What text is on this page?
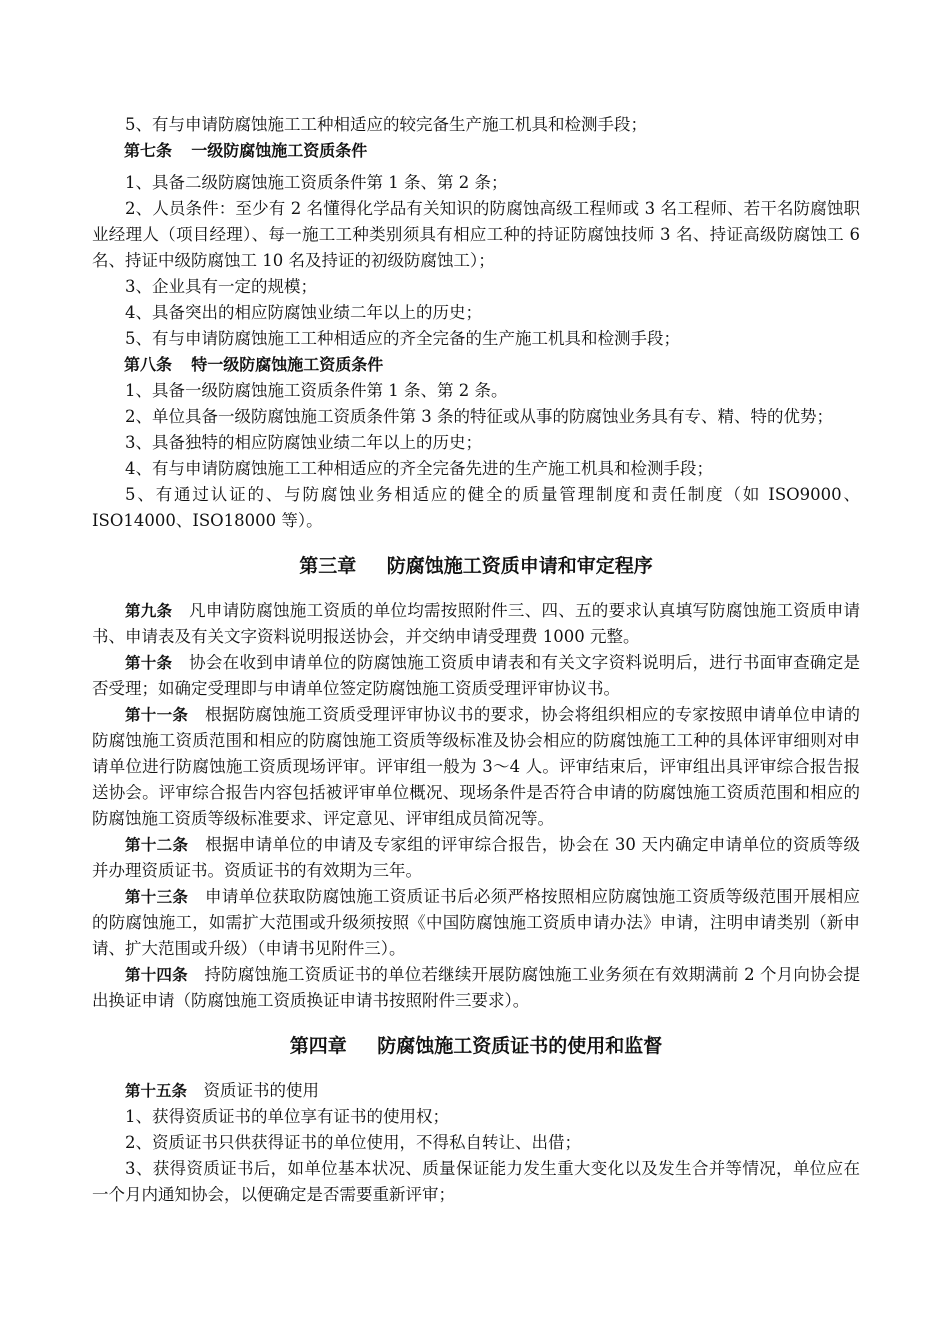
5、有与申请防腐蚀施工工种相适应的较完备生产施工机具和检测手段；

第七条 一级防腐蚀施工资质条件

1、具备二级防腐蚀施工资质条件第 1 条、第 2 条；

2、人员条件：至少有 2 名懂得化学品有关知识的防腐蚀高级工程师或 3 名工程师、若干名防腐蚀职业经理人（项目经理）、每一施工工种类别须具有相应工种的持证防腐蚀技师 3 名、持证高级防腐蚀工 6 名、持证中级防腐蚀工 10 名及持证的初级防腐蚀工）；

3、企业具有一定的规模；

4、具备突出的相应防腐蚀业绩二年以上的历史；

5、有与申请防腐蚀施工工种相适应的齐全完备的生产施工机具和检测手段；

第八条 特一级防腐蚀施工资质条件

1、具备一级防腐蚀施工资质条件第 1 条、第 2 条。

2、单位具备一级防腐蚀施工资质条件第 3 条的特征或从事的防腐蚀业务具有专、精、特的优势；

3、具备独特的相应防腐蚀业绩二年以上的历史；

4、有与申请防腐蚀施工工种相适应的齐全完备先进的生产施工机具和检测手段；

5、有通过认证的、与防腐蚀业务相适应的健全的质量管理制度和责任制度（如 ISO9000、ISO14000、ISO18000 等）。

第三章 防腐蚀施工资质申请和审定程序

第九条 凡申请防腐蚀施工资质的单位均需按照附件三、四、五的要求认真填写防腐蚀施工资质申请书、申请表及有关文字资料说明报送协会，并交纳申请受理费 1000 元整。

第十条 协会在收到申请单位的防腐蚀施工资质申请表和有关文字资料说明后，进行书面审查确定是否受理；如确定受理即与申请单位签定防腐蚀施工资质受理评审协议书。

第十一条 根据防腐蚀施工资质受理评审协议书的要求，协会将组织相应的专家按照申请单位申请的防腐蚀施工资质范围和相应的防腐蚀施工资质等级标准及协会相应的防腐蚀施工工种的具体评审细则对申请单位进行防腐蚀施工资质现场评审。评审组一般为 3～4 人。评审结束后，评审组出具评审综合报告报送协会。评审综合报告内容包括被评审单位概况、现场条件是否符合申请的防腐蚀施工资质范围和相应的防腐蚀施工资质等级标准要求、评定意见、评审组成员简况等。

第十二条 根据申请单位的申请及专家组的评审综合报告，协会在 30 天内确定申请单位的资质等级并办理资质证书。资质证书的有效期为三年。

第十三条 申请单位获取防腐蚀施工资质证书后必须严格按照相应防腐蚀施工资质等级范围开展相应的防腐蚀施工，如需扩大范围或升级须按照《中国防腐蚀施工资质申请办法》申请，注明申请类别（新申请、扩大范围或升级）（申请书见附件三）。

第十四条 持防腐蚀施工资质证书的单位若继续开展防腐蚀施工业务须在有效期满前 2 个月向协会提出换证申请（防腐蚀施工资质换证申请书按照附件三要求）。

第四章 防腐蚀施工资质证书的使用和监督

第十五条 资质证书的使用

1、获得资质证书的单位享有证书的使用权；

2、资质证书只供获得证书的单位使用，不得私自转让、出借；

3、获得资质证书后，如单位基本状况、质量保证能力发生重大变化以及发生合并等情况，单位应在一个月内通知协会，以便确定是否需要重新评审；
